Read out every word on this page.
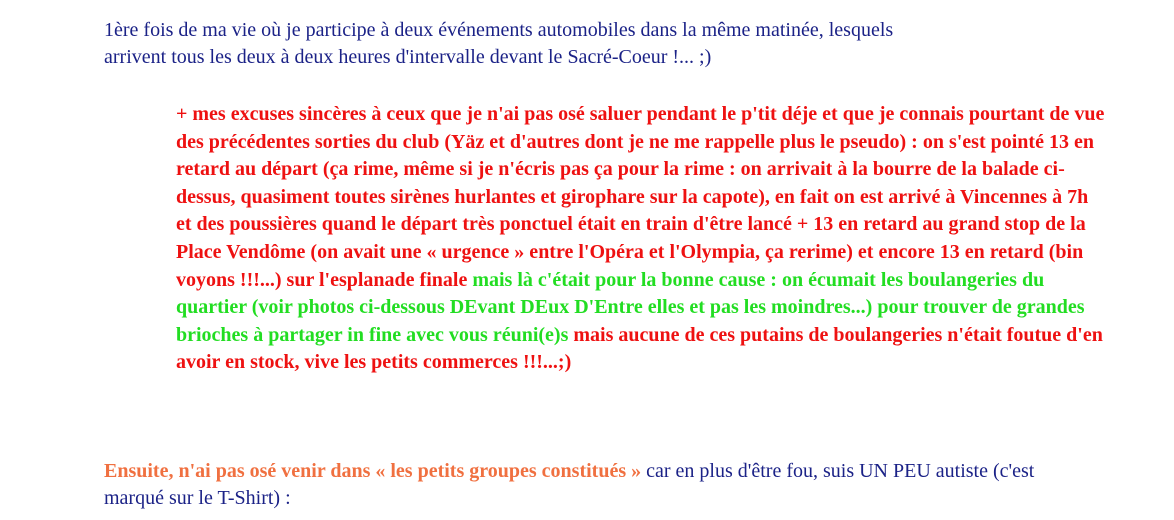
1ère fois de ma vie où je participe à deux événements automobiles dans la même matinée, lesquels
arrivent tous les deux à deux heures d'intervalle devant le Sacré-Coeur !... ;)

+ mes excuses sincères à ceux que je n'ai pas osé saluer pendant le p'tit déje et que je connais pourtant de vue des précédentes sorties du club (Yäz et d'autres dont je ne me rappelle plus le pseudo) : on s'est pointé 13 en retard au départ (ça rime, même si je n'écris pas ça pour la rime : on arrivait à la bourre de la balade ci-dessus, quasiment toutes sirènes hurlantes et girophare sur la capote), en fait on est arrivé à Vincennes à 7h et des poussières quand le départ très ponctuel était en train d'être lancé + 13 en retard au grand stop de la Place Vendôme (on avait une « urgence » entre l'Opéra et l'Olympia, ça rerime) et encore 13 en retard (bin voyons !!!...) sur l'esplanade finale mais là c'était pour la bonne cause : on écumait les boulangeries du quartier (voir photos ci-dessous DEvant DEux D'Entre elles et pas les moindres...) pour trouver de grandes brioches à partager in fine avec vous réuni(e)s mais aucune de ces putains de boulangeries n'était foutue d'en avoir en stock, vive les petits commerces !!!...;)

Ensuite, n'ai pas osé venir dans « les petits groupes constitués » car en plus d'être fou, suis UN PEU autiste (c'est marqué sur le T-Shirt) :
